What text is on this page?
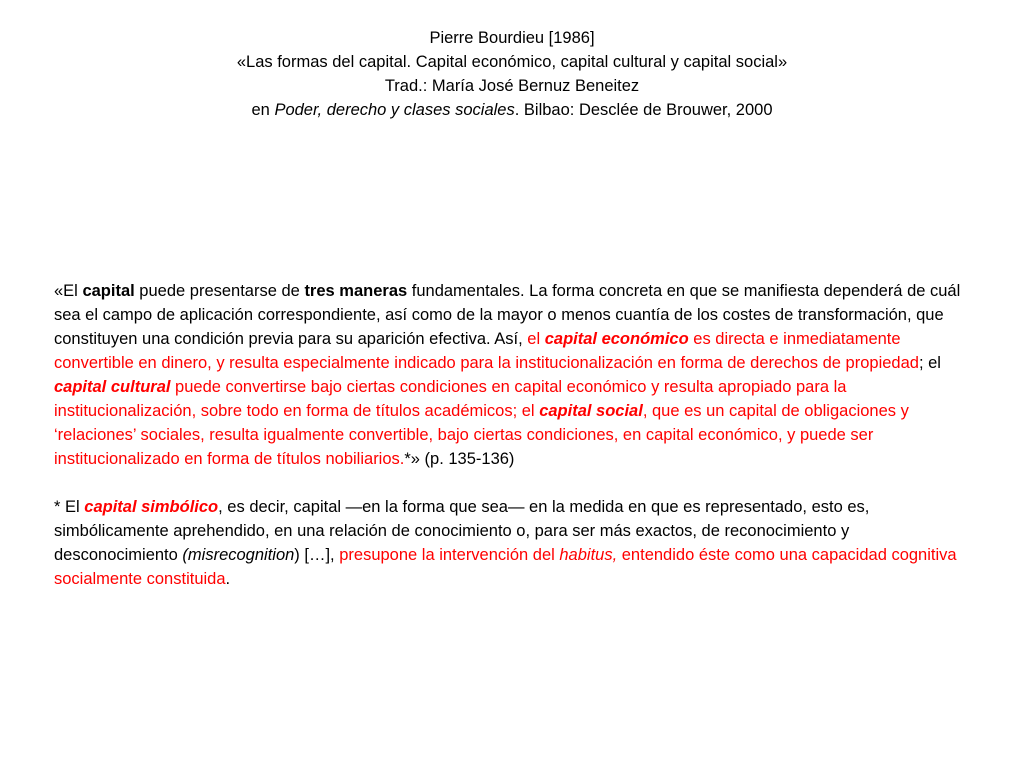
Pierre Bourdieu [1986]
«Las formas del capital. Capital económico, capital cultural y capital social»
Trad.: María José Bernuz Beneitez
en Poder, derecho y clases sociales. Bilbao: Desclée de Brouwer, 2000

«El capital puede presentarse de tres maneras fundamentales. La forma concreta en que se manifiesta dependerá de cuál sea el campo de aplicación correspondiente, así como de la mayor o menos cuantía de los costes de transformación, que constituyen una condición previa para su aparición efectiva. Así, el capital económico es directa e inmediatamente convertible en dinero, y resulta especialmente indicado para la institucionalización en forma de derechos de propiedad; el capital cultural puede convertirse bajo ciertas condiciones en capital económico y resulta apropiado para la institucionalización, sobre todo en forma de títulos académicos; el capital social, que es un capital de obligaciones y ‘relaciones’ sociales, resulta igualmente convertible, bajo ciertas condiciones, en capital económico, y puede ser institucionalizado en forma de títulos nobiliarios.*» (p. 135-136)

* El capital simbólico, es decir, capital —en la forma que sea— en la medida en que es representado, esto es, simbólicamente aprehendido, en una relación de conocimiento o, para ser más exactos, de reconocimiento y desconocimiento (misrecognition) […], presupone la intervención del habitus, entendido éste como una capacidad cognitiva socialmente constituida.
